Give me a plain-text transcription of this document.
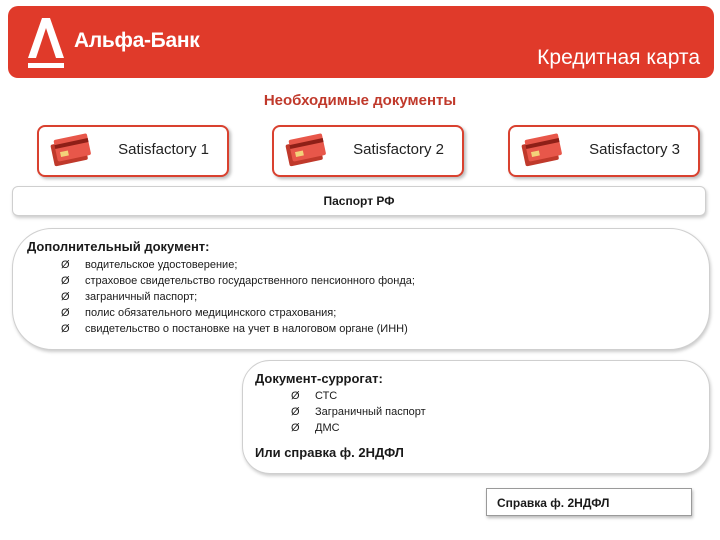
Альфа-Банк
Кредитная карта
Необходимые документы
Satisfactory 1	Satisfactory 2	Satisfactory 3
Паспорт РФ
Дополнительный документ:
Ø	водительское удостоверение;
Ø	страховое свидетельство государственного пенсионного фонда;
Ø	заграничный паспорт;
Ø	полис обязательного медицинского страхования;
Ø	свидетельство о постановке на учет в налоговом органе (ИНН)
Документ-суррогат:
Ø	СТС
Ø	Заграничный паспорт
Ø	ДМС
Или справка ф. 2НДФЛ
Справка ф. 2НДФЛ
